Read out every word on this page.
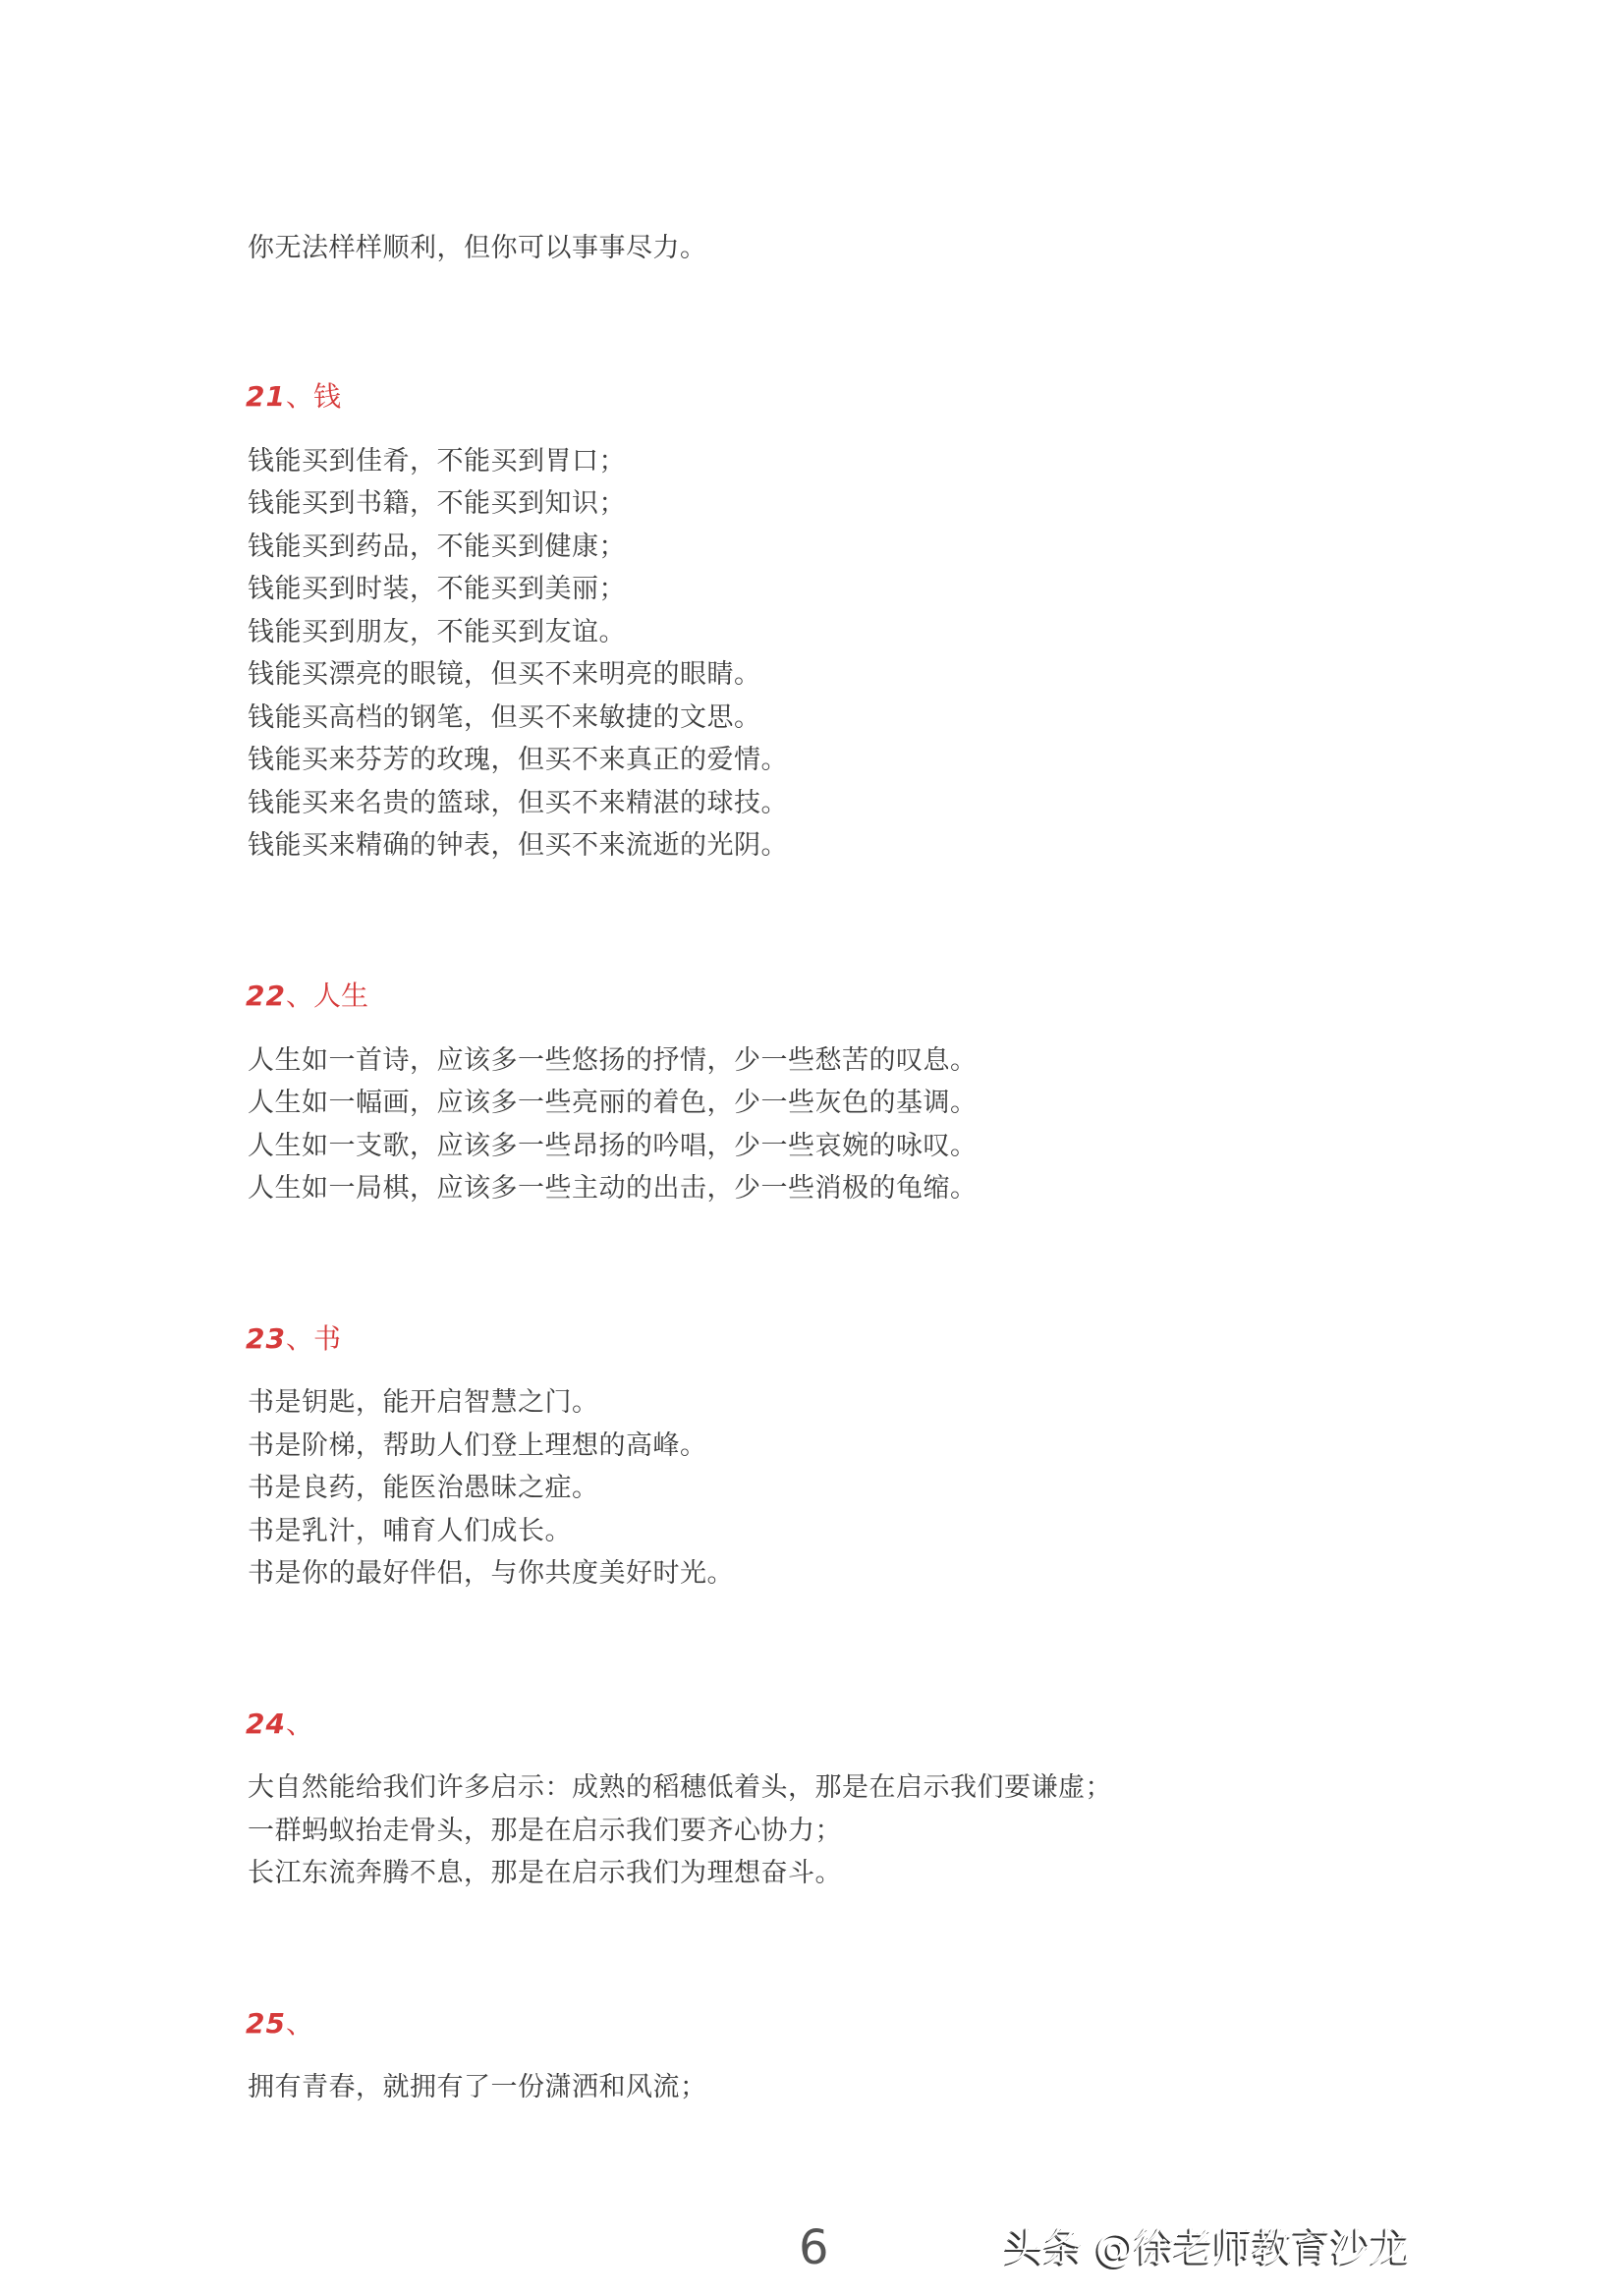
你无法样样顺利，但你可以事事尽力。
21、钱
钱能买到佳肴，不能买到胃口；
钱能买到书籍，不能买到知识；
钱能买到药品，不能买到健康；
钱能买到时装，不能买到美丽；
钱能买到朋友，不能买到友谊。
钱能买漂亮的眼镜，但买不来明亮的眼睛。
钱能买高档的钢笔，但买不来敏捷的文思。
钱能买来芬芳的玫瑰，但买不来真正的爱情。
钱能买来名贵的篮球，但买不来精湛的球技。
钱能买来精确的钟表，但买不来流逝的光阴。
22、人生
人生如一首诗，应该多一些悠扬的抒情，少一些愁苦的叹息。
人生如一幅画，应该多一些亮丽的着色，少一些灰色的基调。
人生如一支歌，应该多一些昂扬的吟唱，少一些哀婉的咏叹。
人生如一局棋，应该多一些主动的出击，少一些消极的龟缩。
23、书
书是钥匙，能开启智慧之门。
书是阶梯，帮助人们登上理想的高峰。
书是良药，能医治愚昧之症。
书是乳汁，哺育人们成长。
书是你的最好伴侣，与你共度美好时光。
24、
大自然能给我们许多启示：成熟的稻穗低着头，那是在启示我们要谦虚；
一群蚂蚁抬走骨头，那是在启示我们要齐心协力；
长江东流奔腾不息，那是在启示我们为理想奋斗。
25、
拥有青春，就拥有了一份潇洒和风流；
6	头条 @徐老师教育沙龙
